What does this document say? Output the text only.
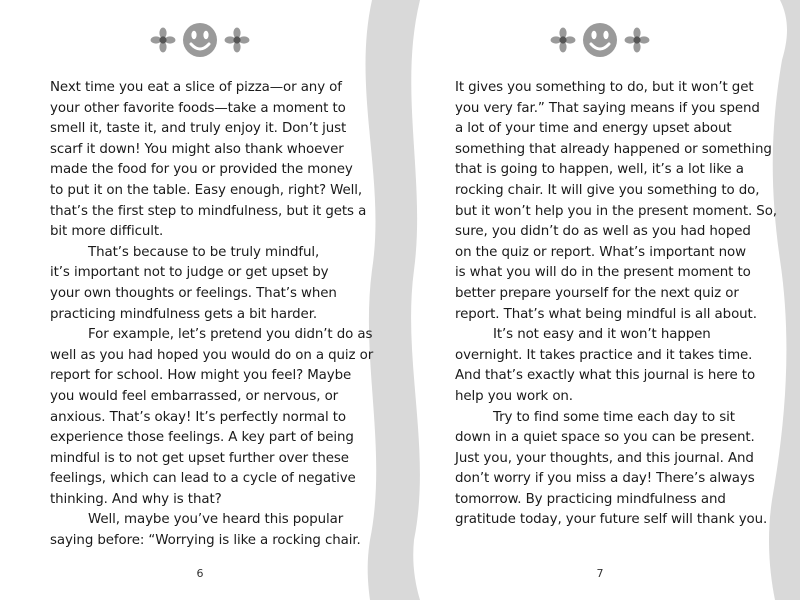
Next time you eat a slice of pizza—or any of
your other favorite foods—take a moment to
smell it, taste it, and truly enjoy it. Don’t just
scarf it down! You might also thank whoever
made the food for you or provided the money
to put it on the table. Easy enough, right? Well,
that’s the first step to mindfulness, but it gets a
bit more difficult.
That’s because to be truly mindful,
it’s important not to judge or get upset by
your own thoughts or feelings. That’s when
practicing mindfulness gets a bit harder.
For example, let’s pretend you didn’t do as
well as you had hoped you would do on a quiz or
report for school. How might you feel? Maybe
you would feel embarrassed, or nervous, or
anxious. That’s okay! It’s perfectly normal to
experience those feelings. A key part of being
mindful is to not get upset further over these
feelings, which can lead to a cycle of negative
thinking. And why is that?
Well, maybe you’ve heard this popular
saying before: “Worrying is like a rocking chair.
6
It gives you something to do, but it won’t get
you very far.” That saying means if you spend
a lot of your time and energy upset about
something that already happened or something
that is going to happen, well, it’s a lot like a
rocking chair. It will give you something to do,
but it won’t help you in the present moment. So,
sure, you didn’t do as well as you had hoped
on the quiz or report. What’s important now
is what you will do in the present moment to
better prepare yourself for the next quiz or
report. That’s what being mindful is all about.
It’s not easy and it won’t happen
overnight. It takes practice and it takes time.
And that’s exactly what this journal is here to
help you work on.
Try to find some time each day to sit
down in a quiet space so you can be present.
Just you, your thoughts, and this journal. And
don’t worry if you miss a day! There’s always
tomorrow. By practicing mindfulness and
gratitude today, your future self will thank you.
7
